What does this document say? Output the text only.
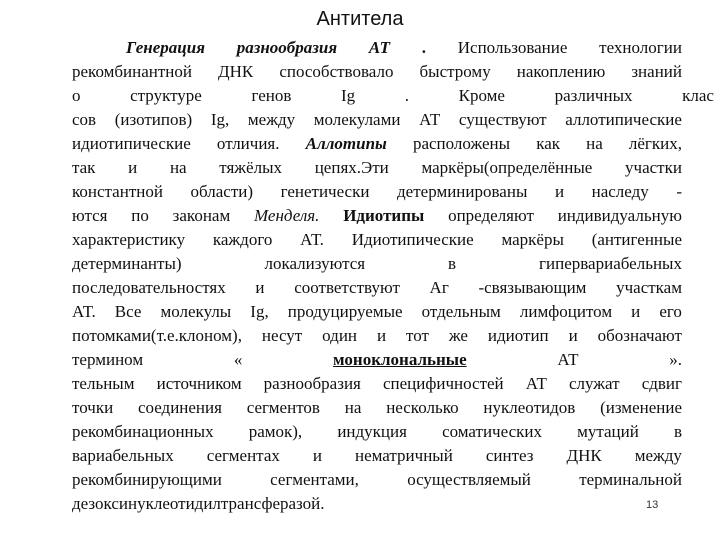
Антитела
Генерация разнообразия АТ . Использование технологии
рекомбинантной ДНК способствовало быстрому накоплению знаний
о	структуре	генов	Ig	.	Кроме	различных	клас
сов (изотипов) Ig, между молекулами АТ существуют аллотипические
идиотипические отличия. Аллотипы расположены как на лёгких,
так и на тяжёлых цепях.Эти маркёры(определённые участки
константной области) генетически детерминированы и наследу -
ются по законам Менделя. Идиотипы определяют индивидуальную
характеристику каждого АТ. Идиотипические маркёры (антигенные
детерминанты)	локализуются	в	гипервариабельных
последовательностях и соответствуют Аг -связывающим участкам
АТ. Все молекулы Ig, продуцируемые отдельным лимфоцитом и его
потомками(т.е.клоном), несут один и тот же идиотип и обозначают
термином	«	моноклональные	АТ	».
тельным источником разнообразия специфичностей АТ служат сдвиг
точки соединения сегментов на несколько нуклеотидов (изменение
рекомбинационных рамок), индукция соматических мутаций в
вариабельных сегментах и нематричный синтез ДНК между
рекомбинирующими	сегментами,	осуществляемый	терминальной
дезоксинуклеотидилтрансферазой.	13
